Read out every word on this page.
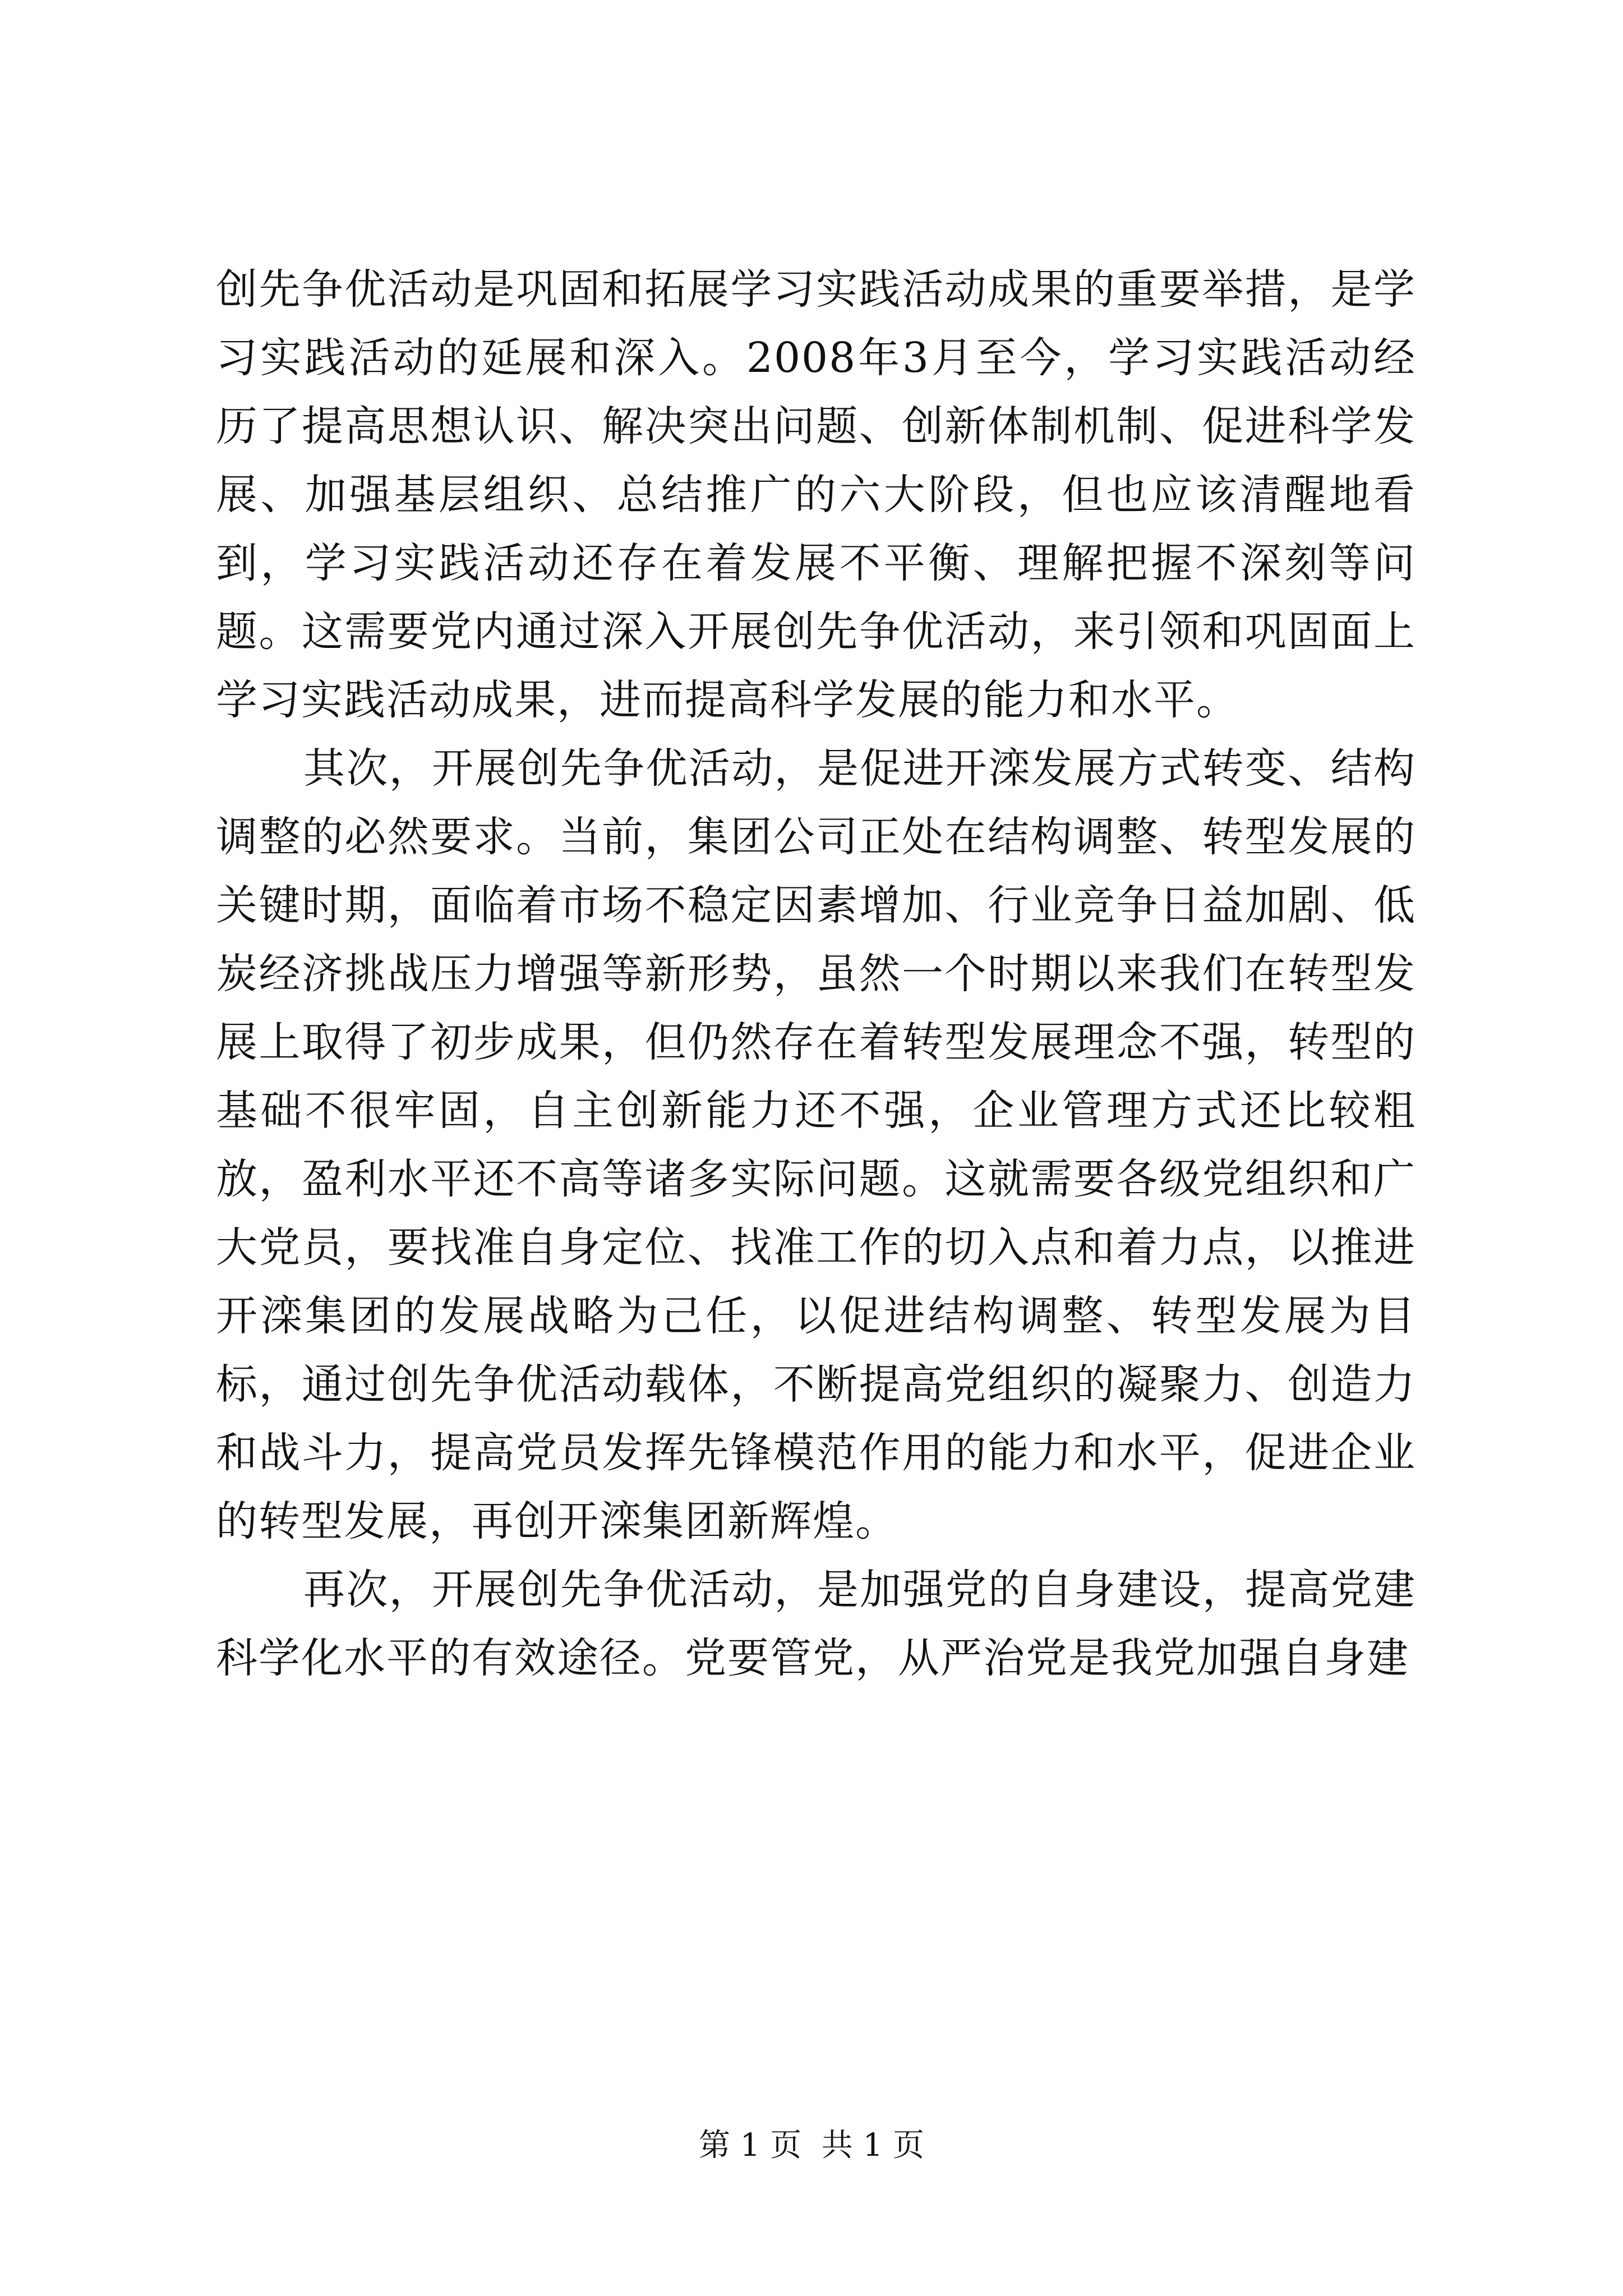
创先争优活动是巩固和拓展学习实践活动成果的重要举措，是学习实践活动的延展和深入。2008年3月至今，学习实践活动经历了提高思想认识、解决突出问题、创新体制机制、促进科学发展、加强基层组织、总结推广的六大阶段，但也应该清醒地看到，学习实践活动还存在着发展不平衡、理解把握不深刻等问题。这需要党内通过深入开展创先争优活动，来引领和巩固面上学习实践活动成果，进而提高科学发展的能力和水平。

其次，开展创先争优活动，是促进开滦发展方式转变、结构调整的必然要求。当前，集团公司正处在结构调整、转型发展的关键时期，面临着市场不稳定因素增加、行业竞争日益加剧、低炭经济挑战压力增强等新形势，虽然一个时期以来我们在转型发展上取得了初步成果，但仍然存在着转型发展理念不强，转型的基础不很牢固，自主创新能力还不强，企业管理方式还比较粗放，盈利水平还不高等诸多实际问题。这就需要各级党组织和广大党员，要找准自身定位、找准工作的切入点和着力点，以推进开滦集团的发展战略为己任，以促进结构调整、转型发展为目标，通过创先争优活动载体，不断提高党组织的凝聚力、创造力和战斗力，提高党员发挥先锋模范作用的能力和水平，促进企业的转型发展，再创开滦集团新辉煌。

再次，开展创先争优活动，是加强党的自身建设，提高党建科学化水平的有效途径。党要管党，从严治党是我党加强自身建

第 1 页  共 1 页
